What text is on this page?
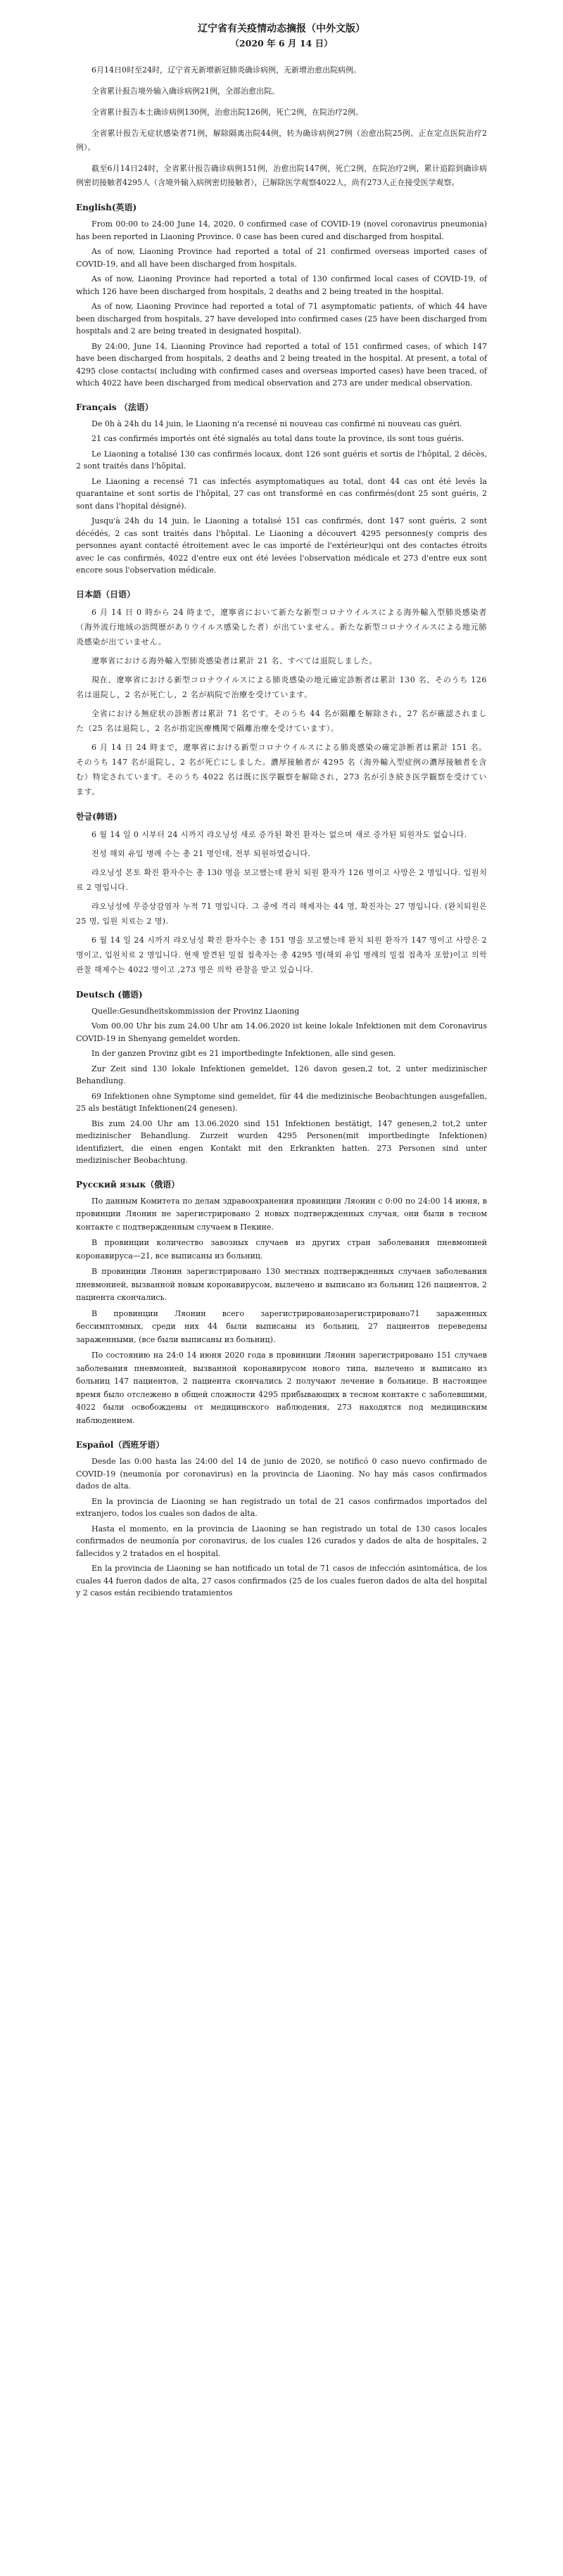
辽宁省有关疫情动态摘报（中外文版）
（2020 年 6 月 14 日）

6月14日0时至24时，辽宁省无新增新冠肺炎确诊病例，无新增治愈出院病例。

全省累计报告境外输入确诊病例21例，全部治愈出院。

全省累计报告本土确诊病例130例，治愈出院126例，死亡2例，在院治疗2例。

全省累计报告无症状感染者71例，解除隔离出院44例，转为确诊病例27例（治愈出院25例、正在定点医院治疗2例）。

截至6月14日24时，全省累计报告确诊病例151例，治愈出院147例，死亡2例，在院治疗2例，累计追踪到确诊病例密切接触者4295人（含境外输入病例密切接触者），已解除医学观察4022人，尚有273人正在接受医学观察。

English(英语)

From 00:00 to 24:00 June 14, 2020, 0 confirmed case of COVID-19 (novel coronavirus pneumonia) has been reported in Liaoning Province. 0 case has been cured and discharged from hospital.

As of now, Liaoning Province had reported a total of 21 confirmed overseas imported cases of COVID-19, and all have been discharged from hospitals.

As of now, Liaoning Province had reported a total of 130 confirmed local cases of COVID-19, of which 126 have been discharged from hospitals, 2 deaths and 2 being treated in the hospital.

As of now, Liaoning Province had reported a total of 71 asymptomatic patients, of which 44 have been discharged from hospitals, 27 have developed into confirmed cases (25 have been discharged from hospitals and 2 are being treated in designated hospital).

By 24:00, June 14, Liaoning Province had reported a total of 151 confirmed cases, of which 147 have been discharged from hospitals, 2 deaths and 2 being treated in the hospital. At present, a total of 4295 close contacts( including with confirmed cases and overseas imported cases) have been traced, of which 4022 have been discharged from medical observation and 273 are under medical observation.

Français （法语）

De 0h à 24h du 14 juin, le Liaoning n'a recensé ni nouveau cas confirmé ni nouveau cas guéri.

21 cas confirmés importés ont été signalés au total dans toute la province, ils sont tous guéris.

Le Liaoning a totalisé 130 cas confirmés locaux, dont 126 sont guéris et sortis de l'hôpital, 2 décès, 2 sont traités dans l'hôpital.

Le Liaoning a recensé 71 cas infectés asymptomatiques au total, dont 44 cas ont été levés la quarantaine et sont sortis de l'hôpital, 27 cas ont transformé en cas confirmés(dont 25 sont guéris, 2 sont dans l'hopital désigné).

Jusqu'à 24h du 14 juin, le Liaoning a totalisé 151 cas confirmés, dont 147 sont guéris, 2 sont décédés, 2 cas sont traités dans l'hôpital. Le Liaoning a découvert 4295 personnes(y compris des personnes ayant contacté étroitement avec le cas importé de l'extérieur)qui ont des contactes étroits avec le cas confirmés, 4022 d'entre eux ont été levées l'observation médicale et 273 d'entre eux sont encore sous l'observation médicale.

日本語（日语）

6 月 14 日 0 時から 24 時まで，遼寧省において新たな新型コロナウイルスによる海外輸入型肺炎感染者（海外流行地域の訪問歴がありウイルス感染した者）が出ていません。新たな新型コロナウイルスによる地元肺炎感染が出ていません。

遼寧省における海外輸入型肺炎感染者は累計 21 名、すべては退院しました。

現在、遼寧省における新型コロナウイルスによる肺炎感染の地元確定診断者は累計 130 名、そのうち 126 名は退院し，2 名が死亡し，2 名が病院で治療を受けています。

全省における無症状の診断者は累計 71 名です。そのうち 44 名が隔離を解除され，27 名が確認されました（25 名は退院し，2 名が指定医療機関で隔離治療を受けています）。

6 月 14 日 24 時まで，遼寧省における新型コロナウイルスによる肺炎感染の確定診断者は累計 151 名。そのうち 147 名が退院し，2 名が死亡にしました。濃厚接触者が 4295 名（海外輸入型症例の濃厚接触者を含む）特定されています。そのうち 4022 名は既に医学観察を解除され，273 名が引き続き医学観察を受けています。

한글(韩语)

6 월 14 일 0 시부터 24 시까지 랴오닝성 새로 증가된 확진 환자는 없으며 새로 증가된 퇴원자도 없습니다.

전성 해외 유입 병례 수는 총 21 명인데, 전부 퇴원하였습니다.

랴오닝성 본토 확진 환자수는 총 130 명을 보고했는데 완치 퇴원 환자가 126 명이고 사망은 2 명입니다. 입원치료 2 명입니다.

랴오닝성에 무증상감염자 누적 71 명입니다. 그 중에 격리 해제자는 44 명, 확진자는 27 명입니다. (완치퇴원은 25 명, 입원 치료는 2 명).

6 월 14 일 24 시까지 랴오닝성 확진 환자수는 총 151 명을 보고했는데 완치 퇴원 환자가 147 명이고 사망은 2 명이고, 입원치료 2 명입니다. 현재 발견된 밀접 접촉자는 총 4295 명(해외 유입 병례의 밀접 접촉자 포함)이고 의학 관찰 해제수는 4022 명이고 ,273 명은 의학 관찰을 받고 있습니다.

Deutsch (德语)

Quelle:Gesundheitskommission der Provinz Liaoning

Vom 00.00 Uhr bis zum 24.00 Uhr am 14.06.2020 ist keine lokale Infektionen mit dem Coronavirus COVID-19 in Shenyang gemeldet worden.

In der ganzen Provinz gibt es 21 importbedingte Infektionen, alle sind gesen.

Zur Zeit sind 130 lokale Infektionen gemeldet, 126 davon gesen,2 tot, 2 unter medizinischer Behandlung.

69 Infektionen ohne Symptome sind gemeldet, für 44 die medizinische Beobachtungen ausgefallen, 25 als bestätigt Infektionen(24 genesen).

Bis zum 24.00 Uhr am 13.06.2020 sind 151 Infektionen bestätigt, 147 genesen,2 tot,2 unter medizinischer Behandlung. Zurzeit wurden 4295 Personen(mit importbedingte Infektionen) identifiziert, die einen engen Kontakt mit den Erkrankten hatten. 273 Personen sind unter medizinischer Beobachtung.

Русский язык（俄语）

По данным Комитета по делам здравоохранения провинции Ляонин с 0:00 по 24:00 14 июня, в провинции Ляонин не зарегистрировано 2 новых подтвержденных случая, они были в тесном контакте с подтвержденным случаем в Пекине.

В провинции количество завозных случаев из других стран заболевания пневмонией коронавируса—21, все выписаны из больниц.

В провинции Ляонин зарегистрировано 130 местных подтвержденных случаев заболевания пневмонией, вызванной новым коронавирусом, вылечено и выписано из больниц 126 пациентов, 2 пациента скончались.

В провинции Ляонин всего зарегистрированозарегистрировано71 зараженных бессимптомных, среди них 44 были выписаны из больниц, 27 пациентов переведены зараженными, (все были выписаны из больниц).

По состоянию на 24:0 14 июня 2020 года в провинции Ляонин зарегистрировано 151 случаев заболевания пневмонией, вызванной коронавирусом нового типа, вылечено и выписано из больниц 147 пациентов, 2 пациента скончались 2 получают лечение в больнице. В настоящее время было отслежено в общей сложности 4295 прибывающих в тесном контакте с заболевшими, 4022 были освобождены от медицинского наблюдения, 273 находятся под медицинским наблюдением.

Español（西班牙语）

Desde las 0:00 hasta las 24:00 del 14 de junio de 2020, se notificó 0 caso nuevo confirmado de COVID-19 (neumonía por coronavirus) en la provincia de Liaoning. No hay más casos confirmados dados de alta.

En la provincia de Liaoning se han registrado un total de 21 casos confirmados importados del extranjero, todos los cuales son dados de alta.

Hasta el momento, en la provincia de Liaoning se han registrado un total de 130 casos locales confirmados de neumonía por coronavirus, de los cuales 126 curados y dados de alta de hospitales, 2 fallecidos y 2 tratados en el hospital.

En la provincia de Liaoning se han notificado un total de 71 casos de infección asintomática, de los cuales 44 fueron dados de alta, 27 casos confirmados (25 de los cuales fueron dados de alta del hospital y 2 casos están recibiendo tratamientos
